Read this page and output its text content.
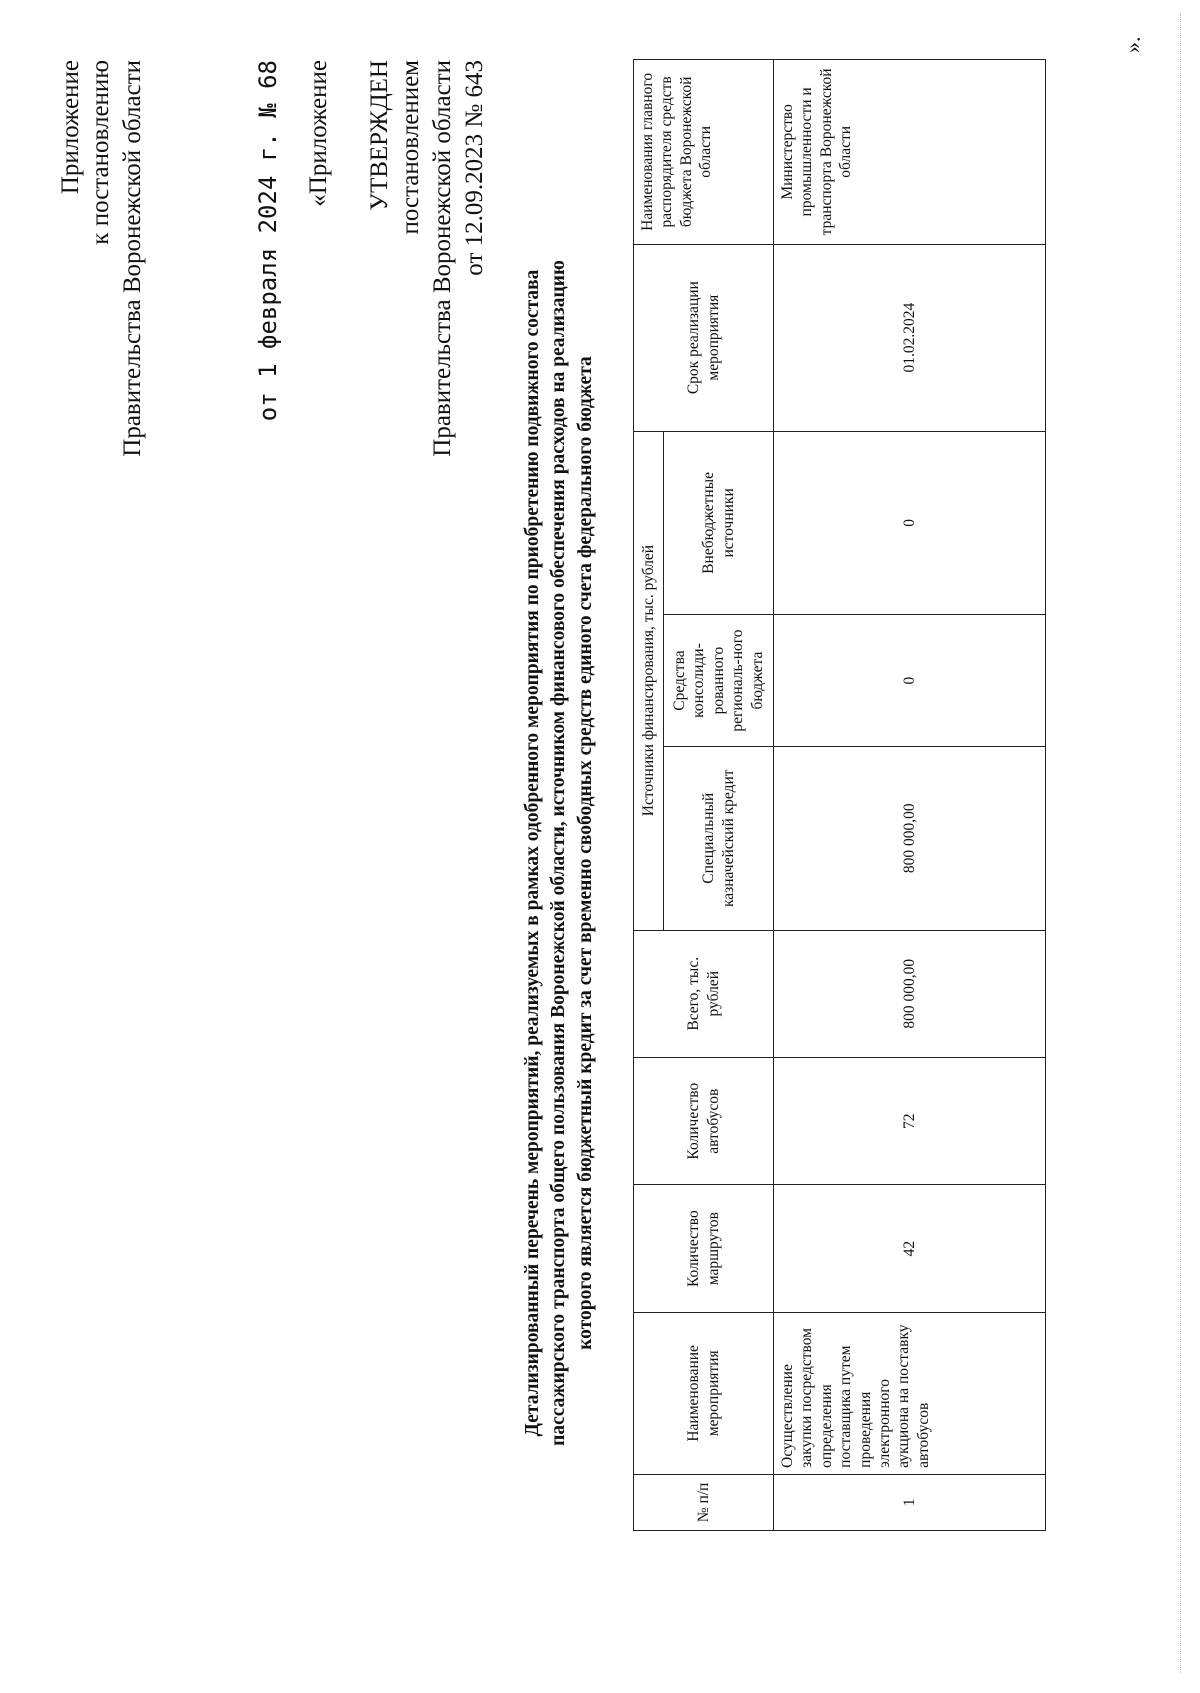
Приложение к постановлению Правительства Воронежской области	от 1 февраля 2024 г. № 68 «Приложение УТВЕРЖДЕН постановлением Правительства Воронежской области от 12.09.2023 № 643
Детализированный перечень мероприятий, реализуемых в рамках одобренного мероприятия по приобретению подвижного состава пассажирского транспорта общего пользования Воронежской области, источником финансового обеспечения расходов на реализацию которого является бюджетный кредит за счет временно свободных средств единого счета федерального бюджета
№ п/п	Наименование мероприятия	Количество маршрутов	Количество автобусов	Всего, тыс. рублей	Источники финансирования, тыс. рублей			Срок реализации мероприятия	Наименования главного распорядителя средств бюджета Воронежской области
					Специальный казначейский кредит	Средства консолиди-рованного региональ-ного бюджета	Внебюджетные источники		
1	Осуществление закупки посредством определения поставщика путем проведения электронного аукциона на поставку автобусов	42	72	800 000,00	800 000,00	0	0	01.02.2024	Министерство промышленности и транспорта Воронежской области
».
